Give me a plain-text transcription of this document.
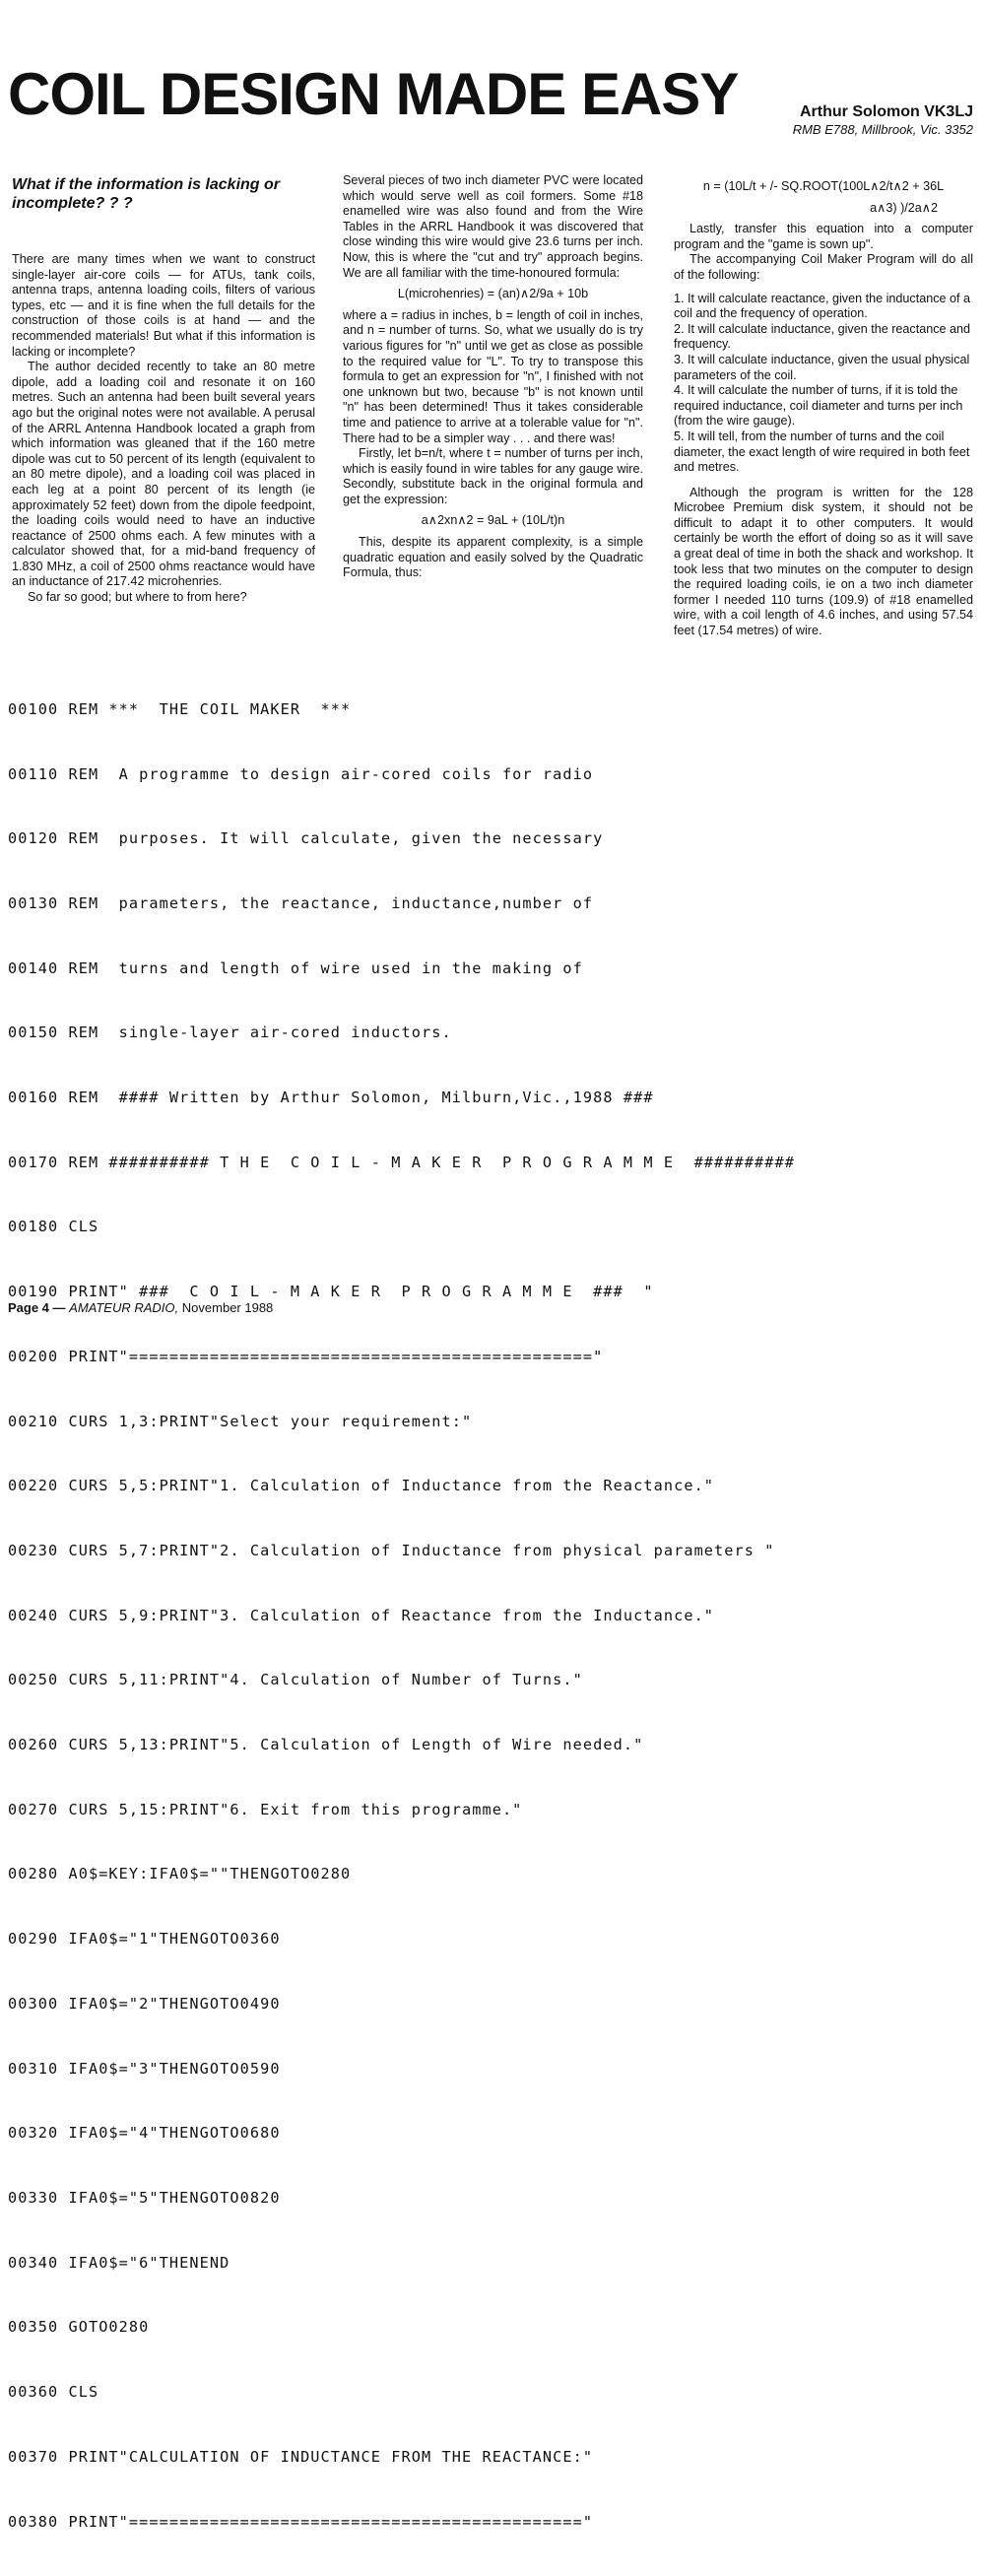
COIL DESIGN MADE EASY	Arthur Solomon VK3LJ
RMB E788, Millbrook, Vic. 3352
What if the information is lacking or incomplete? ? ?

There are many times when we want to construct single-layer air-core coils — for ATUs, tank coils, antenna traps, antenna loading coils, filters of various types, etc — and it is fine when the full details for the construction of those coils is at hand — and the recommended materials! But what if this information is lacking or incomplete?

The author decided recently to take an 80 metre dipole, add a loading coil and resonate it on 160 metres. Such an antenna had been built several years ago but the original notes were not available. A perusal of the ARRL Antenna Handbook located a graph from which information was gleaned that if the 160 metre dipole was cut to 50 percent of its length (equivalent to an 80 metre dipole), and a loading coil was placed in each leg at a point 80 percent of its length (ie approximately 52 feet) down from the dipole feedpoint, the loading coils would need to have an inductive reactance of 2500 ohms each. A few minutes with a calculator showed that, for a mid-band frequency of 1.830 MHz, a coil of 2500 ohms reactance would have an inductance of 217.42 microhenries.

So far so good; but where to from here?

Several pieces of two inch diameter PVC were located which would serve well as coil formers. Some #18 enamelled wire was also found and from the Wire Tables in the ARRL Handbook it was discovered that close winding this wire would give 23.6 turns per inch. Now, this is where the "cut and try" approach begins. We are all familiar with the time-honoured formula:

L(microhenries) = (an)∧2/9a + 10b

where a = radius in inches, b = length of coil in inches, and n = number of turns. So, what we usually do is try various figures for "n" until we get as close as possible to the required value for "L". To try to transpose this formula to get an expression for "n", I finished with not one unknown but two, because "b" is not known until "n" has been determined! Thus it takes considerable time and patience to arrive at a tolerable value for "n". There had to be a simpler way . . . and there was!

Firstly, let b=n/t, where t = number of turns per inch, which is easily found in wire tables for any gauge wire. Secondly, substitute back in the original formula and get the expression:

a∧2xn∧2 = 9aL + (10L/t)n

This, despite its apparent complexity, is a simple quadratic equation and easily solved by the Quadratic Formula, thus:

n = (10L/t + /- SQ.ROOT(100L∧2/t∧2 + 36L
a∧3) )/2a∧2

Lastly, transfer this equation into a computer program and the "game is sown up".

The accompanying Coil Maker Program will do all of the following:

1. It will calculate reactance, given the inductance of a coil and the frequency of operation.
2. It will calculate inductance, given the reactance and frequency.
3. It will calculate inductance, given the usual physical parameters of the coil.
4. It will calculate the number of turns, if it is told the required inductance, coil diameter and turns per inch (from the wire gauge).
5. It will tell, from the number of turns and the coil diameter, the exact length of wire required in both feet and metres.

Although the program is written for the 128 Microbee Premium disk system, it should not be difficult to adapt it to other computers. It would certainly be worth the effort of doing so as it will save a great deal of time in both the shack and workshop. It took less that two minutes on the computer to design the required loading coils, ie on a two inch diameter former I needed 110 turns (109.9) of #18 enamelled wire, with a coil length of 4.6 inches, and using 57.54 feet (17.54 metres) of wire.

00100 REM ***  THE COIL MAKER  ***

00110 REM  A programme to design air-cored coils for radio

00120 REM  purposes. It will calculate, given the necessary

00130 REM  parameters, the reactance, inductance,number of

00140 REM  turns and length of wire used in the making of

00150 REM  single-layer air-cored inductors.

00160 REM  #### Written by Arthur Solomon, Milburn,Vic.,1988 ###

00170 REM ########## T H E  C O I L - M A K E R  P R O G R A M M E  ##########

00180 CLS

00190 PRINT" ###  C O I L - M A K E R  P R O G R A M M E  ###  "

00200 PRINT"=============================================="

00210 CURS 1,3:PRINT"Select your requirement:"

00220 CURS 5,5:PRINT"1. Calculation of Inductance from the Reactance."

00230 CURS 5,7:PRINT"2. Calculation of Inductance from physical parameters "

00240 CURS 5,9:PRINT"3. Calculation of Reactance from the Inductance."

00250 CURS 5,11:PRINT"4. Calculation of Number of Turns."

00260 CURS 5,13:PRINT"5. Calculation of Length of Wire needed."

00270 CURS 5,15:PRINT"6. Exit from this programme."

00280 A0$=KEY:IFA0$=""THENGOTO0280

00290 IFA0$="1"THENGOTO0360

00300 IFA0$="2"THENGOTO0490

00310 IFA0$="3"THENGOTO0590

00320 IFA0$="4"THENGOTO0680

00330 IFA0$="5"THENGOTO0820

00340 IFA0$="6"THENEND

00350 GOTO0280

00360 CLS

00370 PRINT"CALCULATION OF INDUCTANCE FROM THE REACTANCE:"

00380 PRINT"============================================="

Page 4 — AMATEUR RADIO, November 1988
